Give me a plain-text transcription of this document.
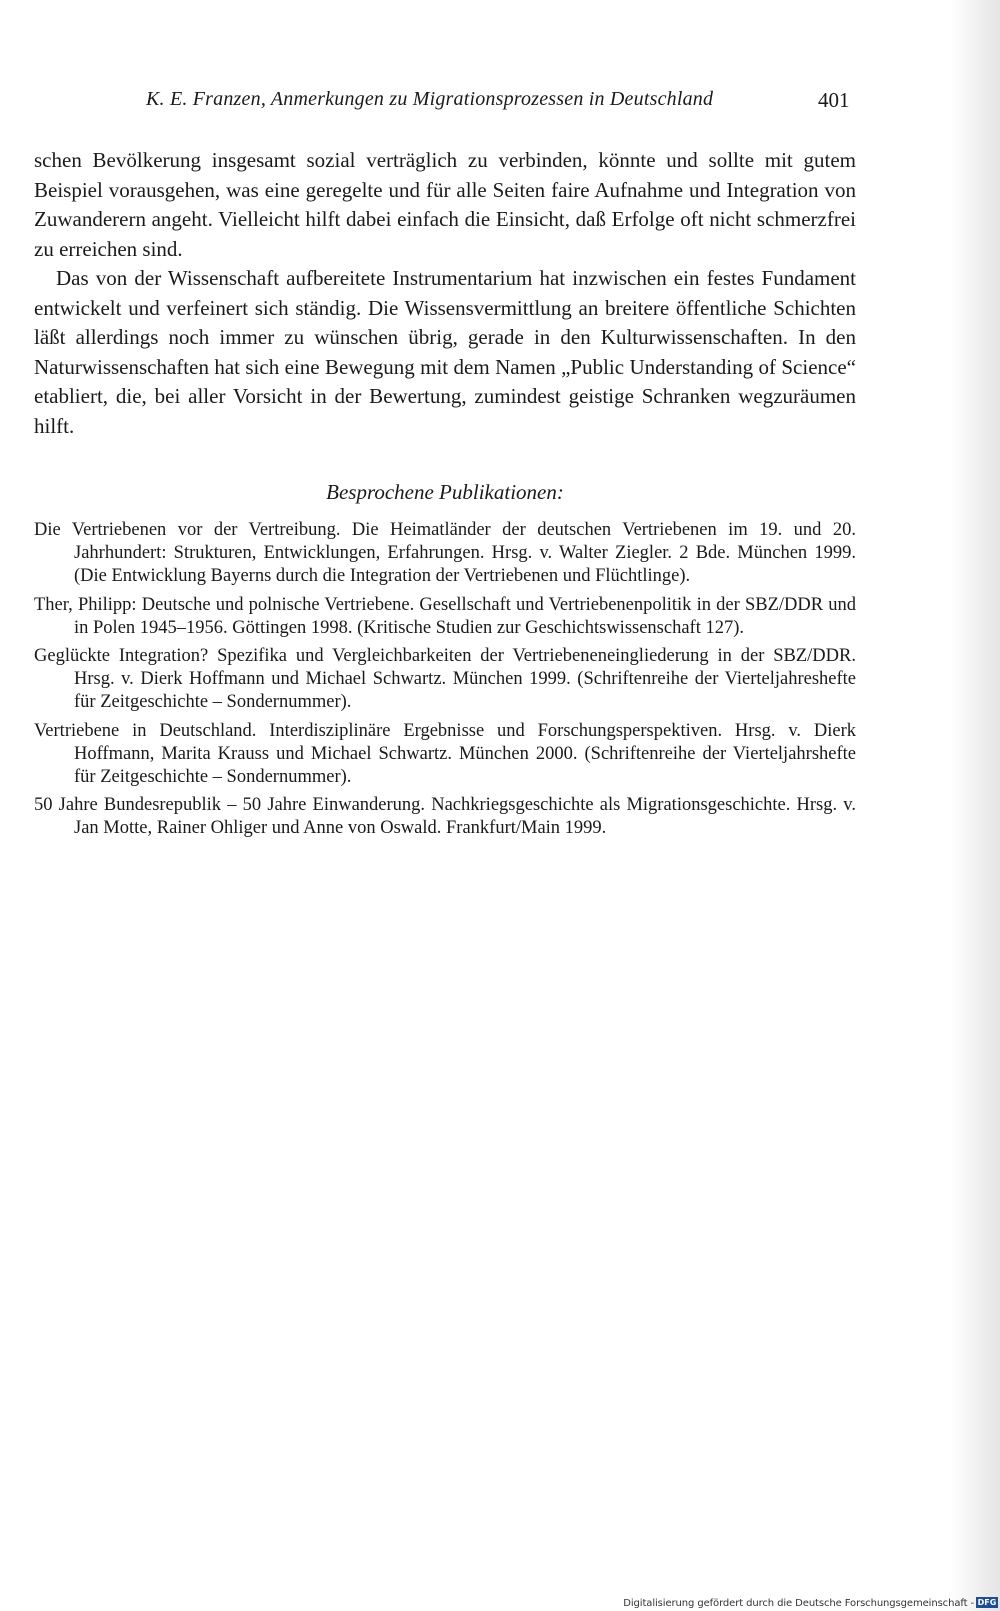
K. E. Franzen, Anmerkungen zu Migrationsprozessen in Deutschland	401

schen Bevölkerung insgesamt sozial verträglich zu verbinden, könnte und sollte mit gutem Beispiel vorausgehen, was eine geregelte und für alle Seiten faire Aufnahme und Integration von Zuwanderern angeht. Vielleicht hilft dabei einfach die Einsicht, daß Erfolge oft nicht schmerzfrei zu erreichen sind.

Das von der Wissenschaft aufbereitete Instrumentarium hat inzwischen ein festes Fundament entwickelt und verfeinert sich ständig. Die Wissensvermittlung an breitere öffentliche Schichten läßt allerdings noch immer zu wünschen übrig, gerade in den Kulturwissenschaften. In den Naturwissenschaften hat sich eine Bewegung mit dem Namen „Public Understanding of Science“ etabliert, die, bei aller Vorsicht in der Bewertung, zumindest geistige Schranken wegzuräumen hilft.

Besprochene Publikationen:

Die Vertriebenen vor der Vertreibung. Die Heimatländer der deutschen Vertriebenen im 19. und 20. Jahrhundert: Strukturen, Entwicklungen, Erfahrungen. Hrsg. v. Walter Ziegler. 2 Bde. München 1999. (Die Entwicklung Bayerns durch die Integration der Vertriebenen und Flüchtlinge).

Ther, Philipp: Deutsche und polnische Vertriebene. Gesellschaft und Vertriebenenpolitik in der SBZ/DDR und in Polen 1945–1956. Göttingen 1998. (Kritische Studien zur Geschichtswissenschaft 127).

Geglückte Integration? Spezifika und Vergleichbarkeiten der Vertriebeneneingliederung in der SBZ/DDR. Hrsg. v. Dierk Hoffmann und Michael Schwartz. München 1999. (Schriftenreihe der Vierteljahreshefte für Zeitgeschichte – Sondernummer).

Vertriebene in Deutschland. Interdisziplinäre Ergebnisse und Forschungsperspektiven. Hrsg. v. Dierk Hoffmann, Marita Krauss und Michael Schwartz. München 2000. (Schriftenreihe der Vierteljahrshefte für Zeitgeschichte – Sondernummer).

50 Jahre Bundesrepublik – 50 Jahre Einwanderung. Nachkriegsgeschichte als Migrationsgeschichte. Hrsg. v. Jan Motte, Rainer Ohliger und Anne von Oswald. Frankfurt/Main 1999.

Digitalisierung gefördert durch die Deutsche Forschungsgemeinschaft - DFG
